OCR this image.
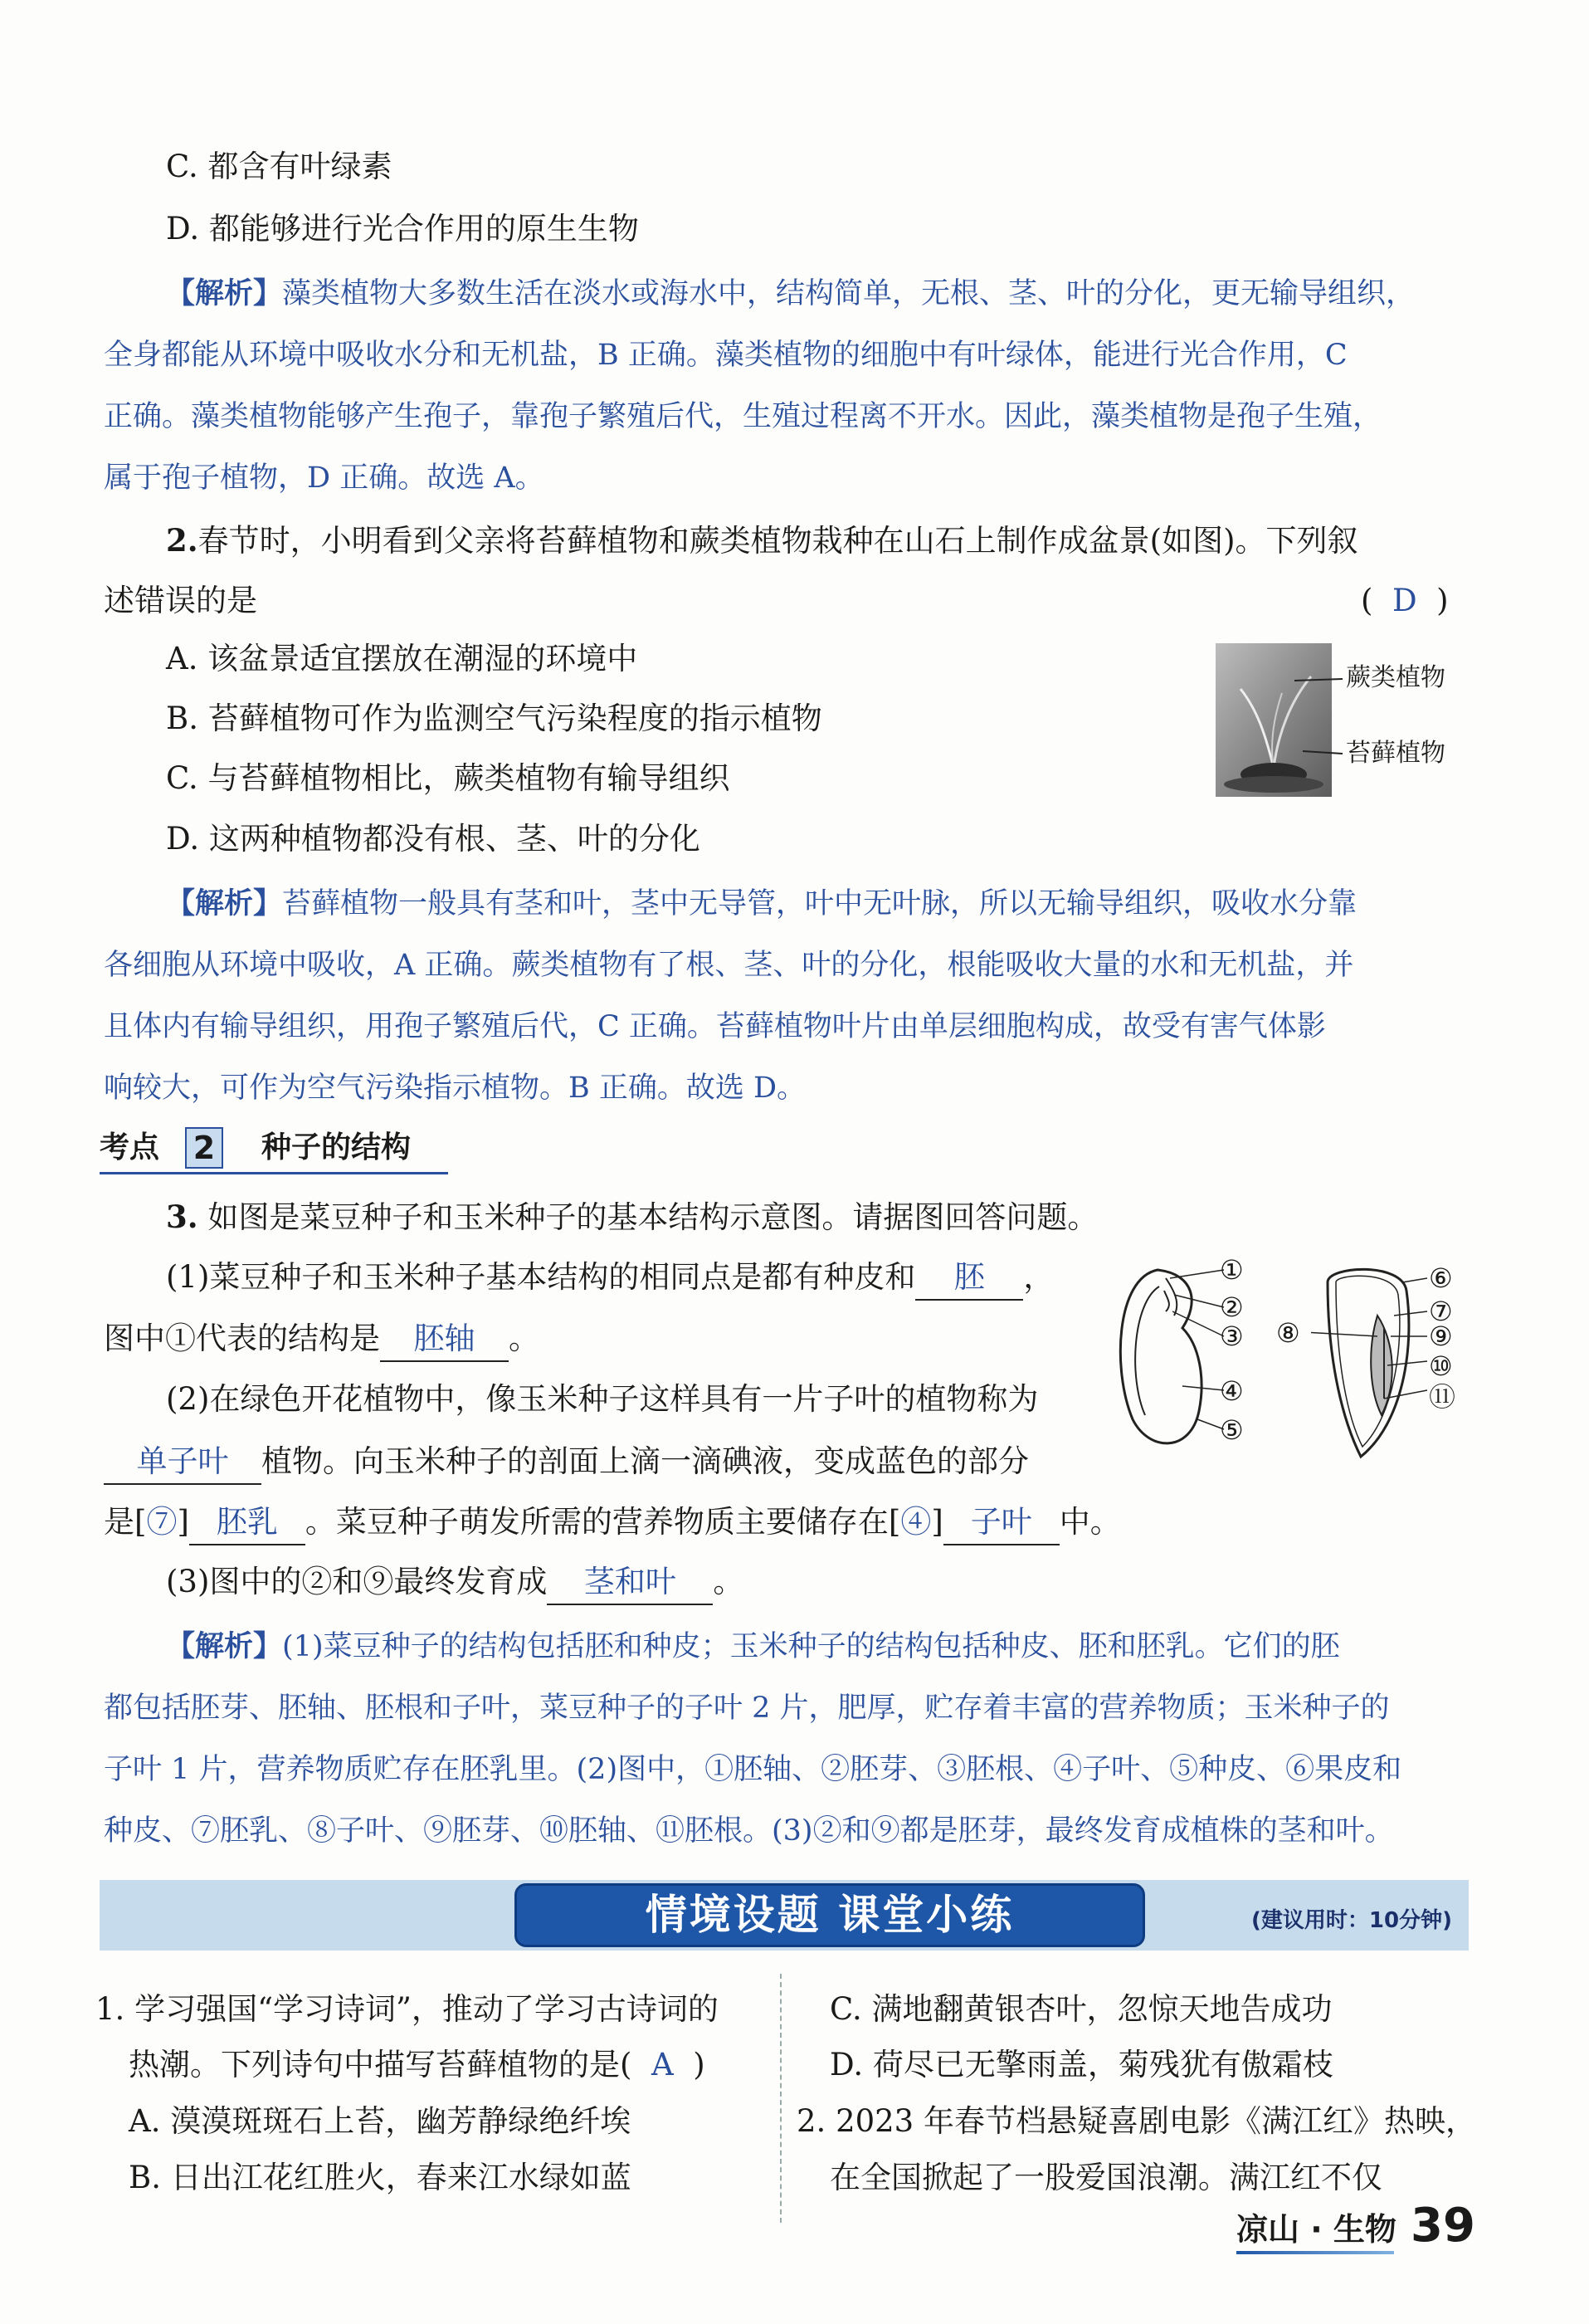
C. 都含有叶绿素
D. 都能够进行光合作用的原生生物
【解析】藻类植物大多数生活在淡水或海水中，结构简单，无根、茎、叶的分化，更无输导组织，
全身都能从环境中吸收水分和无机盐，B 正确。藻类植物的细胞中有叶绿体，能进行光合作用，C
正确。藻类植物能够产生孢子，靠孢子繁殖后代，生殖过程离不开水。因此，藻类植物是孢子生殖，
属于孢子植物，D 正确。故选 A。
2.春节时，小明看到父亲将苔藓植物和蕨类植物栽种在山石上制作成盆景(如图)。下列叙
述错误的是	( D )
A. 该盆景适宜摆放在潮湿的环境中
B. 苔藓植物可作为监测空气污染程度的指示植物
C. 与苔藓植物相比，蕨类植物有输导组织
D. 这两种植物都没有根、茎、叶的分化
蕨类植物
苔藓植物
【解析】苔藓植物一般具有茎和叶，茎中无导管，叶中无叶脉，所以无输导组织，吸收水分靠
各细胞从环境中吸收，A 正确。蕨类植物有了根、茎、叶的分化，根能吸收大量的水和无机盐，并
且体内有输导组织，用孢子繁殖后代，C 正确。苔藓植物叶片由单层细胞构成，故受有害气体影
响较大，可作为空气污染指示植物。B 正确。故选 D。
考点 2 种子的结构
3. 如图是菜豆种子和玉米种子的基本结构示意图。请据图回答问题。
(1)菜豆种子和玉米种子基本结构的相同点是都有种皮和 胚 ，
图中①代表的结构是 胚轴 。
(2)在绿色开花植物中，像玉米种子这样具有一片子叶的植物称为
单子叶 植物。向玉米种子的剖面上滴一滴碘液，变成蓝色的部分
是[⑦] 胚乳 。菜豆种子萌发所需的营养物质主要储存在[④] 子叶 中。
(3)图中的②和⑨最终发育成 茎和叶 。
①
②
③
④
⑤
⑧
⑥
⑦
⑨
⑩
⑪
【解析】(1)菜豆种子的结构包括胚和种皮；玉米种子的结构包括种皮、胚和胚乳。它们的胚
都包括胚芽、胚轴、胚根和子叶，菜豆种子的子叶 2 片，肥厚，贮存着丰富的营养物质；玉米种子的
子叶 1 片，营养物质贮存在胚乳里。(2)图中，①胚轴、②胚芽、③胚根、④子叶、⑤种皮、⑥果皮和
种皮、⑦胚乳、⑧子叶、⑨胚芽、⑩胚轴、⑪胚根。(3)②和⑨都是胚芽，最终发育成植株的茎和叶。
情境设题 课堂小练	(建议用时：10分钟)
1. 学习强国“学习诗词”，推动了学习古诗词的
热潮。下列诗句中描写苔藓植物的是( A )
A. 漠漠斑斑石上苔，幽芳静绿绝纤埃
B. 日出江花红胜火，春来江水绿如蓝
C. 满地翻黄银杏叶，忽惊天地告成功
D. 荷尽已无擎雨盖，菊残犹有傲霜枝
2. 2023 年春节档悬疑喜剧电影《满江红》热映，
在全国掀起了一股爱国浪潮。满江红不仅
凉山 · 生物 39
